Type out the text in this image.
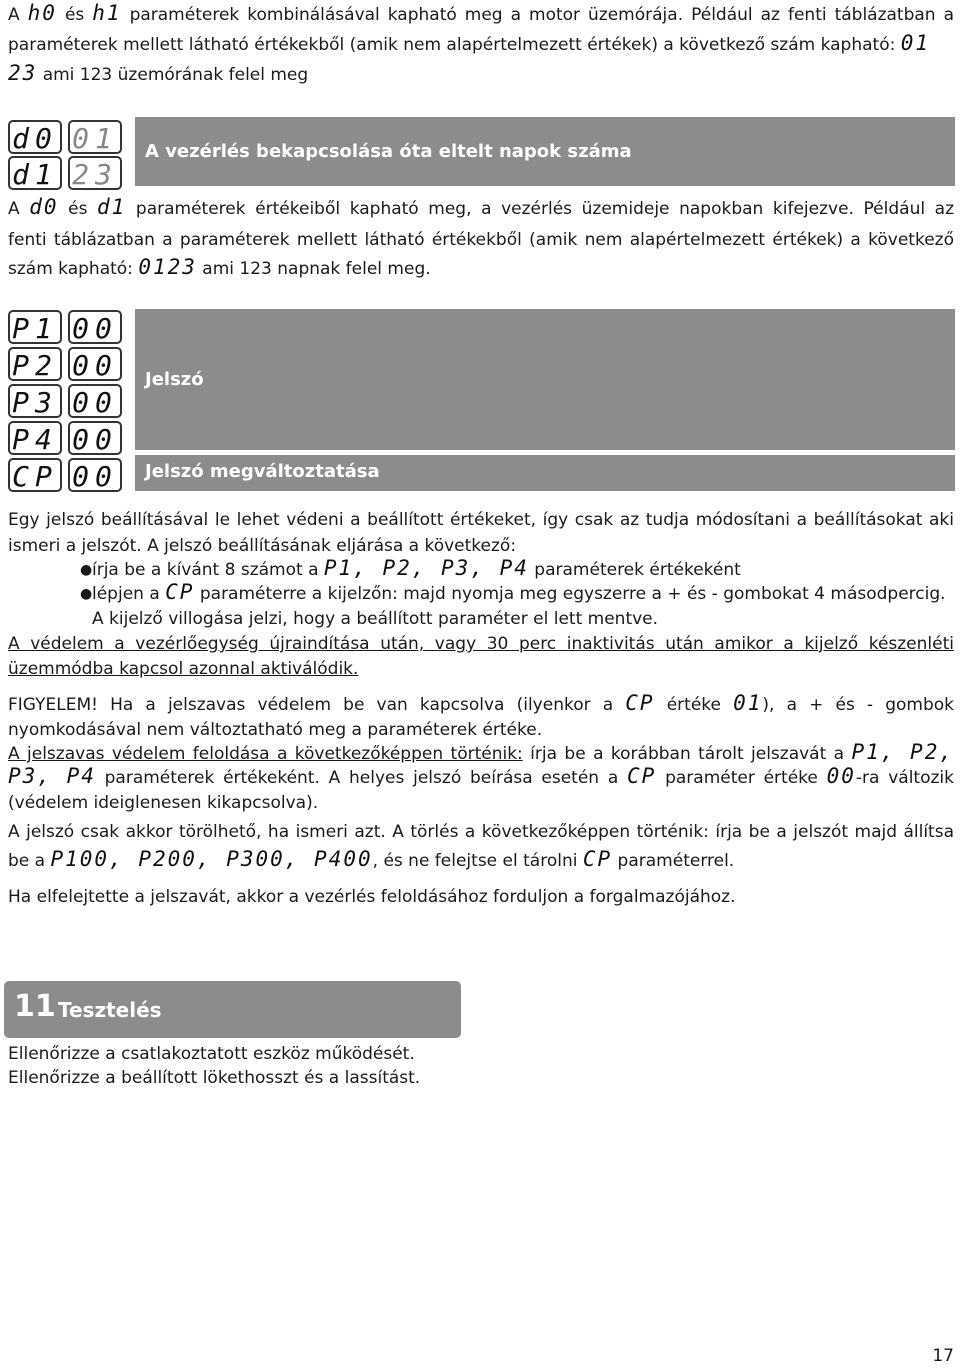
A h0 és h1 paraméterek kombinálásával kapható meg a motor üzemórája. Például az fenti táblázatban a
paraméterek mellett látható értékekből (amik nem alapértelmezett értékek) a következő szám kapható: 01
23 ami 123 üzemórának felel meg
d0 01
d1 23
A vezérlés bekapcsolása óta eltelt napok száma
A d0 és d1 paraméterek értékeiből kapható meg, a vezérlés üzemideje napokban kifejezve. Például az
fenti táblázatban a paraméterek mellett látható értékekből (amik nem alapértelmezett értékek) a következő
szám kapható: 0123 ami 123 napnak felel meg.
P1 00
P2 00
P3 00
P4 00
CP 00
Jelszó
Jelszó megváltoztatása
Egy jelszó beállításával le lehet védeni a beállított értékeket, így csak az tudja módosítani a beállításokat aki
ismeri a jelszót. A jelszó beállításának eljárása a következő:
● írja be a kívánt 8 számot a P1, P2, P3, P4 paraméterek értékeként
● lépjen a CP paraméterre a kijelzőn: majd nyomja meg egyszerre a + és - gombokat 4 másodpercig.
A kijelző villogása jelzi, hogy a beállított paraméter el lett mentve.
A védelem a vezérlőegység újraindítása után, vagy 30 perc inaktivitás után amikor a kijelző készenléti
üzemmódba kapcsol azonnal aktiválódik.
FIGYELEM! Ha a jelszavas védelem be van kapcsolva (ilyenkor a CP értéke 01), a + és - gombok
nyomkodásával nem változtatható meg a paraméterek értéke.
A jelszavas védelem feloldása a következőképpen történik: írja be a korábban tárolt jelszavát a P1, P2,
P3, P4 paraméterek értékeként. A helyes jelszó beírása esetén a CP paraméter értéke 00-ra változik
(védelem ideiglenesen kikapcsolva).
A jelszó csak akkor törölhető, ha ismeri azt. A törlés a következőképpen történik: írja be a jelszót majd állítsa
be a P100, P200, P300, P400, és ne felejtse el tárolni CP paraméterrel.
Ha elfelejtette a jelszavát, akkor a vezérlés feloldásához forduljon a forgalmazójához.
11 Tesztelés
Ellenőrizze a csatlakoztatott eszköz működését.
Ellenőrizze a beállított lökethosszt és a lassítást.
17
